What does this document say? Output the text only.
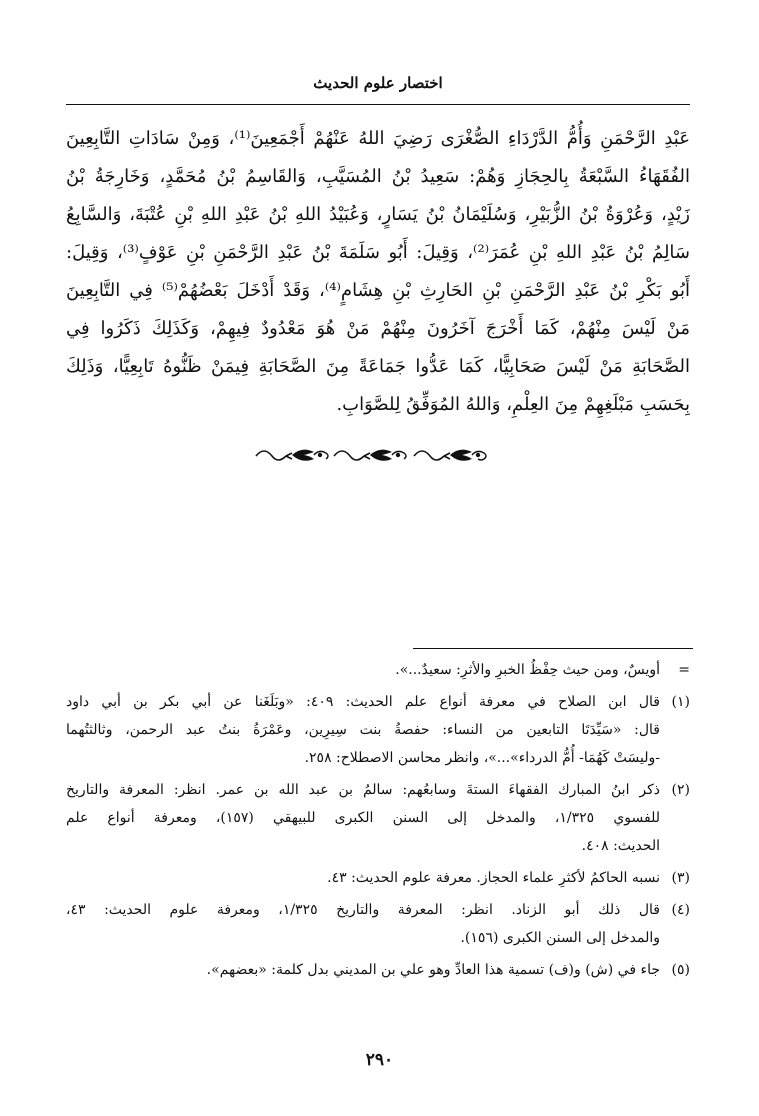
اختصار علوم الحديث
عَبْدِ الرَّحْمَنِ وَأُمُّ الدَّرْدَاءِ الصُّغْرَى رَضِيَ اللهُ عَنْهُمْ أَجْمَعِينَ⁽¹⁾، وَمِنْ سَادَاتِ التَّابِعِينَ
الفُقَهَاءُ السَّبْعَةُ بِالحِجَازِ وَهُمْ: سَعِيدُ بْنُ المُسَيَّبِ، وَالقَاسِمُ بْنُ مُحَمَّدٍ، وَخَارِجَةُ بْنُ
زَيْدٍ، وَعُرْوَةُ بْنُ الزُّبَيْرِ، وَسُلَيْمَانُ بْنُ يَسَارٍ، وَعُبَيْدُ اللهِ بْنُ عَبْدِ اللهِ بْنِ عُتْبَةَ، وَالسَّابِعُ
سَالِمُ بْنُ عَبْدِ اللهِ بْنِ عُمَرَ⁽²⁾، وَقِيلَ: أَبُو سَلَمَةَ بْنُ عَبْدِ الرَّحْمَنِ بْنِ عَوْفٍ⁽³⁾، وَقِيلَ:
أَبُو بَكْرِ بْنُ عَبْدِ الرَّحْمَنِ بْنِ الحَارِثِ بْنِ هِشَامٍ⁽⁴⁾، وَقَدْ أَدْخَلَ بَعْضُهُمْ⁽⁵⁾ فِي التَّابِعِينَ
مَنْ لَيْسَ مِنْهُمْ، كَمَا أَخْرَجَ آخَرُونَ مِنْهُمْ مَنْ هُوَ مَعْدُودٌ فِيهِمْ، وَكَذَلِكَ ذَكَرُوا فِي
الصَّحَابَةِ مَنْ لَيْسَ صَحَابِيًّا، كَمَا عَدُّوا جَمَاعَةً مِنَ الصَّحَابَةِ فِيمَنْ ظَنُّوهُ تَابِعِيًّا، وَذَلِكَ
بِحَسَبِ مَبْلَغِهِمْ مِنَ العِلْمِ، وَاللهُ المُوَفِّقُ لِلصَّوَابِ.
=
أويسٌ، ومن حيث حِفْظُ الخبرِ والأثرِ: سعيدٌ...».
(١)
قال ابن الصلاح في معرفة أنواع علم الحديث: ٤٠٩: «وبَلَغَنا عن أبي بكر بن أبي داود
قال: «سَيِّدَتَا التابعين من النساء: حفصةُ بنت سِيرِين، وعَمْرَةُ بنتُ عبد الرحمن، وثالثتُهما
-وليسَتْ كَهُمَا- أُمُّ الدرداء»...»، وانظر محاسن الاصطلاح: ٢٥٨.
(٢)
ذكر ابنُ المبارك الفقهاءَ الستةَ وسابعُهم: سالمُ بن عبد الله بن عمر. انظر: المعرفة والتاريخ
للفسوي ١/٣٢٥، والمدخل إلى السنن الكبرى للبيهقي (١٥٧)، ومعرفة أنواع علم
الحديث: ٤٠٨.
(٣)
نسبه الحاكمُ لأكثرِ علماء الحجاز. معرفة علوم الحديث: ٤٣.
(٤)
قال ذلك أبو الزناد. انظر: المعرفة والتاريخ ١/٣٢٥، ومعرفة علوم الحديث: ٤٣،
والمدخل إلى السنن الكبرى (١٥٦).
(٥)
جاء في (ش) و(ف) تسمية هذا العادِّ وهو علي بن المديني بدل كلمة: «بعضهم».
٢٩٠
